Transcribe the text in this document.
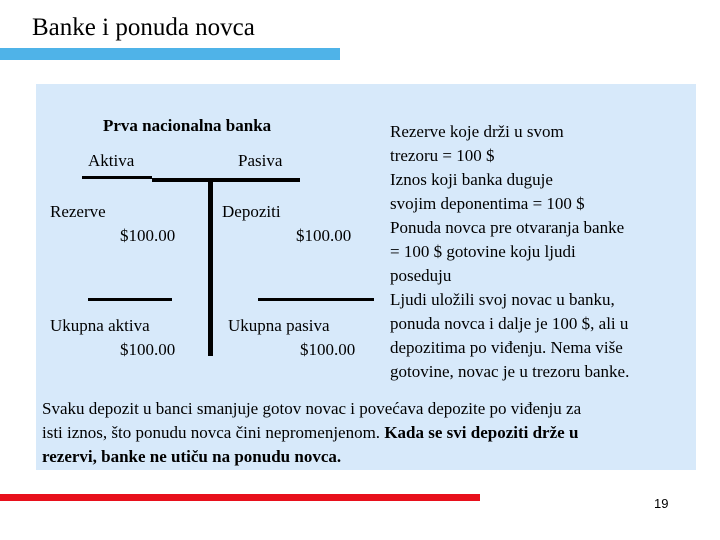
Banke i ponuda novca
Prva nacionalna banka
Aktiva	Pasiva
Rezerve
$100.00
Depoziti
$100.00
Ukupna aktiva
$100.00
Ukupna pasiva
$100.00
Rezerve koje drži u svom
trezoru = 100 $
Iznos koji banka duguje
svojim deponentima = 100 $
Ponuda novca pre otvaranja banke
= 100 $ gotovine koju ljudi
poseduju
Ljudi uložili svoj novac u banku,
ponuda novca i dalje je 100 $, ali u
depozitima po viđenju. Nema više
gotovine, novac je u trezoru banke.
Svaku depozit u banci smanjuje gotov novac i povećava depozite po viđenju za
isti iznos, što ponudu novca čini nepromenjenom. Kada se svi depoziti drže u
rezervi, banke ne utiču na ponudu novca.
19
